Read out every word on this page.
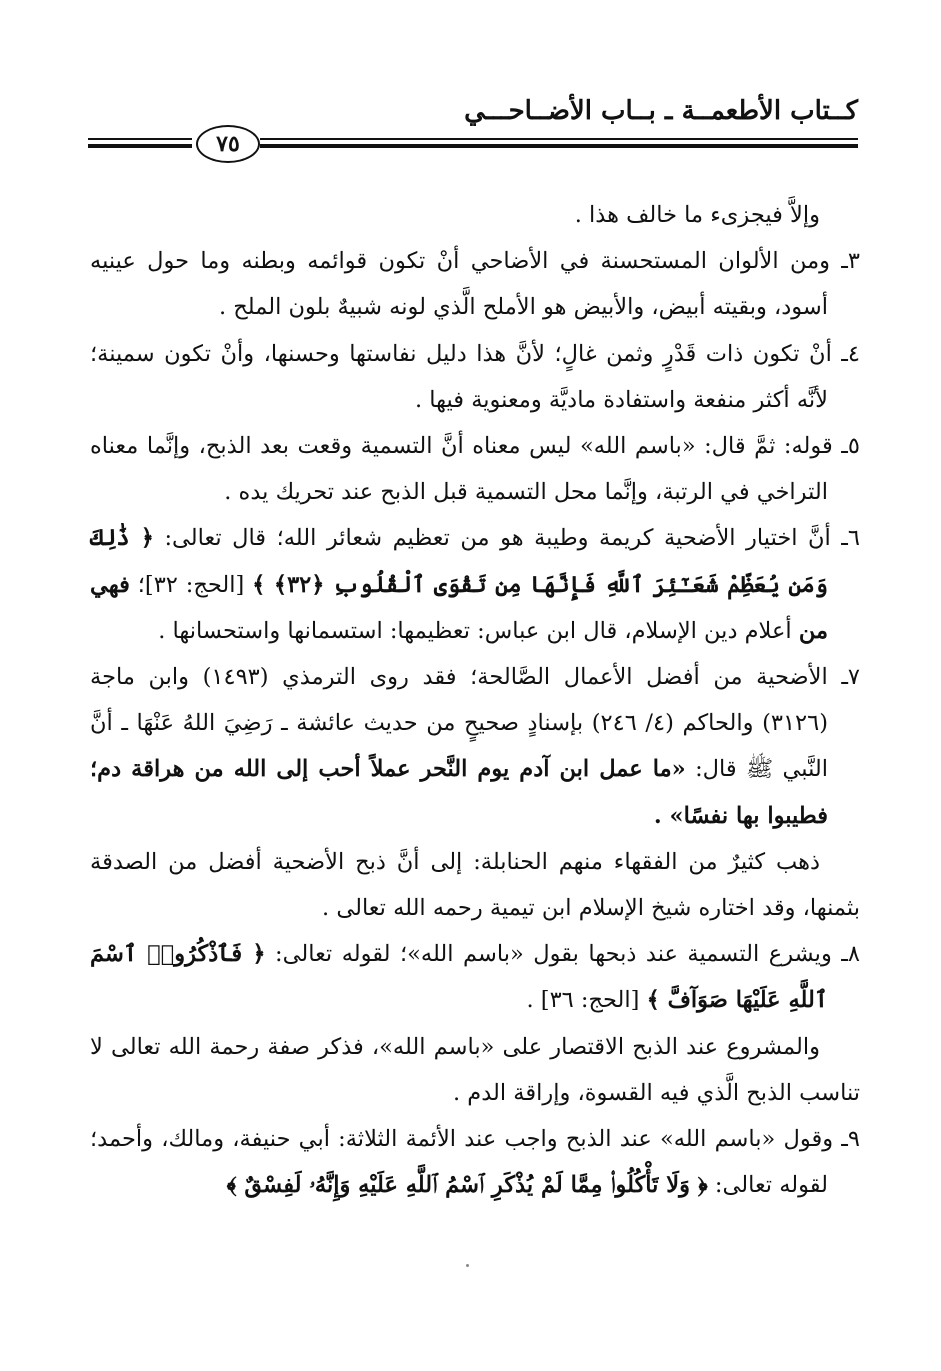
كــتاب الأطعمــة ـ بــاب الأضــاحـــي
٧٥

وإلاَّ فيجزىء ما خالف هذا .

٣ـ ومن الألوان المستحسنة في الأضاحي أنْ تكون قوائمه وبطنه وما حول عينيه أسود، وبقيته أبيض، والأبيض هو الأملح الَّذي لونه شبيهٌ بلون الملح .

٤ـ أنْ تكون ذات قَدْرٍ وثمن غالٍ؛ لأنَّ هذا دليل نفاستها وحسنها، وأنْ تكون سمينة؛ لأنَّه أكثر منفعة واستفادة ماديَّة ومعنوية فيها .

٥ـ قوله: ثمَّ قال: «باسم الله» ليس معناه أنَّ التسمية وقعت بعد الذبح، وإنَّما معناه التراخي في الرتبة، وإنَّما محل التسمية قبل الذبح عند تحريك يده .

٦ـ أنَّ اختيار الأضحية كريمة وطيبة هو من تعظيم شعائر الله؛ قال تعالى: ﴿ ذَٰلِكَ وَمَن يُعَظِّمْ شَعَـٰٓئِرَ ٱللَّهِ فَإِنَّهَا مِن تَقْوَى ٱلْقُلُوبِ ﴿٣٢﴾ ﴾ [الحج: ٣٢]؛ فهي من أعلام دين الإسلام، قال ابن عباس: تعظيمها: استسمانها واستحسانها .

٧ـ الأضحية من أفضل الأعمال الصَّالحة؛ فقد روى الترمذي (١٤٩٣) وابن ماجة (٣١٢٦) والحاكم (٤/ ٢٤٦) بإسنادٍ صحيحٍ من حديث عائشة ـ رَضِيَ اللهُ عَنْهَا ـ أنَّ النَّبي ﷺ قال: «ما عمل ابن آدم يوم النَّحر عملاً أحب إلى الله من هراقة دم؛ فطيبوا بها نفسًا» .

ذهب كثيرٌ من الفقهاء منهم الحنابلة: إلى أنَّ ذبح الأضحية أفضل من الصدقة بثمنها، وقد اختاره شيخ الإسلام ابن تيمية رحمه الله تعالى .

٨ـ ويشرع التسمية عند ذبحها بقول «باسم الله»؛ لقوله تعالى: ﴿ فَٱذْكُرُوا۟ ٱسْمَ ٱللَّهِ عَلَيْهَا صَوَآفَّ ﴾ [الحج: ٣٦] .

والمشروع عند الذبح الاقتصار على «باسم الله»، فذكر صفة رحمة الله تعالى لا تناسب الذبح الَّذي فيه القسوة، وإراقة الدم .

٩ـ وقول «باسم الله» عند الذبح واجب عند الأئمة الثلاثة: أبي حنيفة، ومالك، وأحمد؛ لقوله تعالى: ﴿ وَلَا تَأْكُلُوا۟ مِمَّا لَمْ يُذْكَرِ ٱسْمُ ٱللَّهِ عَلَيْهِ وَإِنَّهُۥ لَفِسْقٌ ﴾
